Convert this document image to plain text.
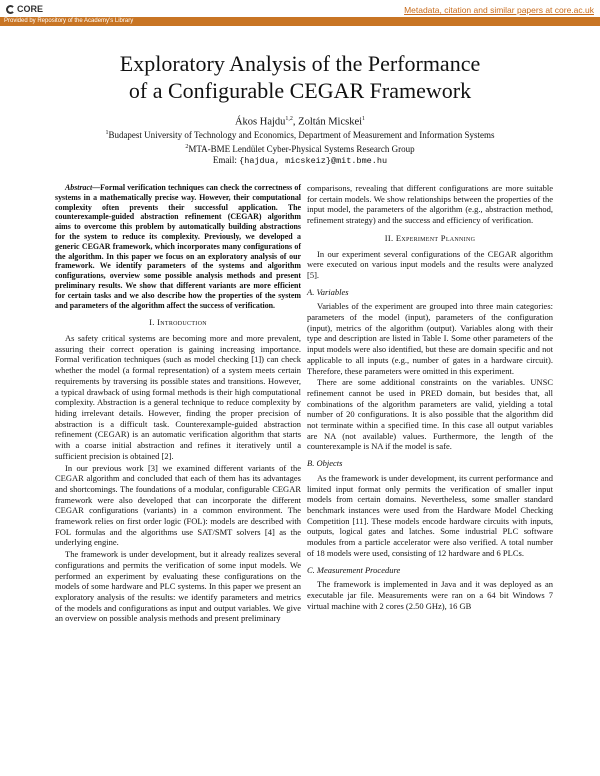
CORE	Metadata, citation and similar papers at core.ac.uk
Provided by Repository of the Academy's Library
Exploratory Analysis of the Performance
of a Configurable CEGAR Framework
Ákos Hajdu$^{1,2}$, Zoltán Micskei$^1$
$^1$Budapest University of Technology and Economics, Department of Measurement and Information Systems
$^2$MTA-BME Lendület Cyber-Physical Systems Research Group
Email: {hajdua, micskeiz}@mit.bme.hu

Abstract—Formal verification techniques can check the correctness of systems in a mathematically precise way. However, their computational complexity often prevents their successful application. The counterexample-guided abstraction refinement (CEGAR) algorithm aims to overcome this problem by automatically building abstractions for the system to reduce its complexity. Previously, we developed a generic CEGAR framework, which incorporates many configurations of the algorithm. In this paper we focus on an exploratory analysis of our framework. We identify parameters of the systems and algorithm configurations, overview some possible analysis methods and present preliminary results. We show that different variants are more efficient for certain tasks and we also describe how the properties of the system and parameters of the algorithm affect the success of verification.

I. Introduction

As safety critical systems are becoming more and more prevalent, assuring their correct operation is gaining increasing importance. Formal verification techniques (such as model checking [1]) can check whether the model (a formal representation) of a system meets certain requirements by traversing its possible states and transitions. However, a typical drawback of using formal methods is their high computational complexity. Abstraction is a general technique to reduce complexity by hiding irrelevant details. However, finding the proper precision of abstraction is a difficult task. Counterexample-guided abstraction refinement (CEGAR) is an automatic verification algorithm that starts with a coarse initial abstraction and refines it iteratively until a sufficient precision is obtained [2].

In our previous work [3] we examined different variants of the CEGAR algorithm and concluded that each of them has its advantages and shortcomings. The foundations of a modular, configurable CEGAR framework were also developed that can incorporate the different CEGAR configurations (variants) in a common environment. The framework relies on first order logic (FOL): models are described with FOL formulas and the algorithms use SAT/SMT solvers [4] as the underlying engine.

The framework is under development, but it already realizes several configurations and permits the verification of some input models. We performed an experiment by evaluating these configurations on the models of some hardware and PLC systems. In this paper we present an exploratory analysis of the results: we identify parameters and metrics of the models and configurations as input and output variables. We give an overview on possible analysis methods and present preliminary

comparisons, revealing that different configurations are more suitable for certain models. We show relationships between the properties of the input model, the parameters of the algorithm (e.g., abstraction method, refinement strategy) and the success and efficiency of verification.

II. Experiment Planning

In our experiment several configurations of the CEGAR algorithm were executed on various input models and the results were analyzed [5].

A. Variables

Variables of the experiment are grouped into three main categories: parameters of the model (input), parameters of the configuration (input), metrics of the algorithm (output). Variables along with their type and description are listed in Table I. Some other parameters of the input models were also identified, but these are domain specific and not applicable to all inputs (e.g., number of gates in a hardware circuit). Therefore, these parameters were omitted in this experiment.

There are some additional constraints on the variables. UNSC refinement cannot be used in PRED domain, but besides that, all combinations of the algorithm parameters are valid, yielding a total number of 20 configurations. It is also possible that the algorithm did not terminate within a specified time. In this case all output variables are NA (not available) values. Furthermore, the length of the counterexample is NA if the model is safe.

B. Objects

As the framework is under development, its current performance and limited input format only permits the verification of smaller input models from certain domains. Nevertheless, some smaller standard benchmark instances were used from the Hardware Model Checking Competition [11]. These models encode hardware circuits with inputs, outputs, logical gates and latches. Some industrial PLC software modules from a particle accelerator were also verified. A total number of 18 models were used, consisting of 12 hardware and 6 PLCs.

C. Measurement Procedure

The framework is implemented in Java and it was deployed as an executable jar file. Measurements were ran on a 64 bit Windows 7 virtual machine with 2 cores (2.50 GHz), 16 GB
